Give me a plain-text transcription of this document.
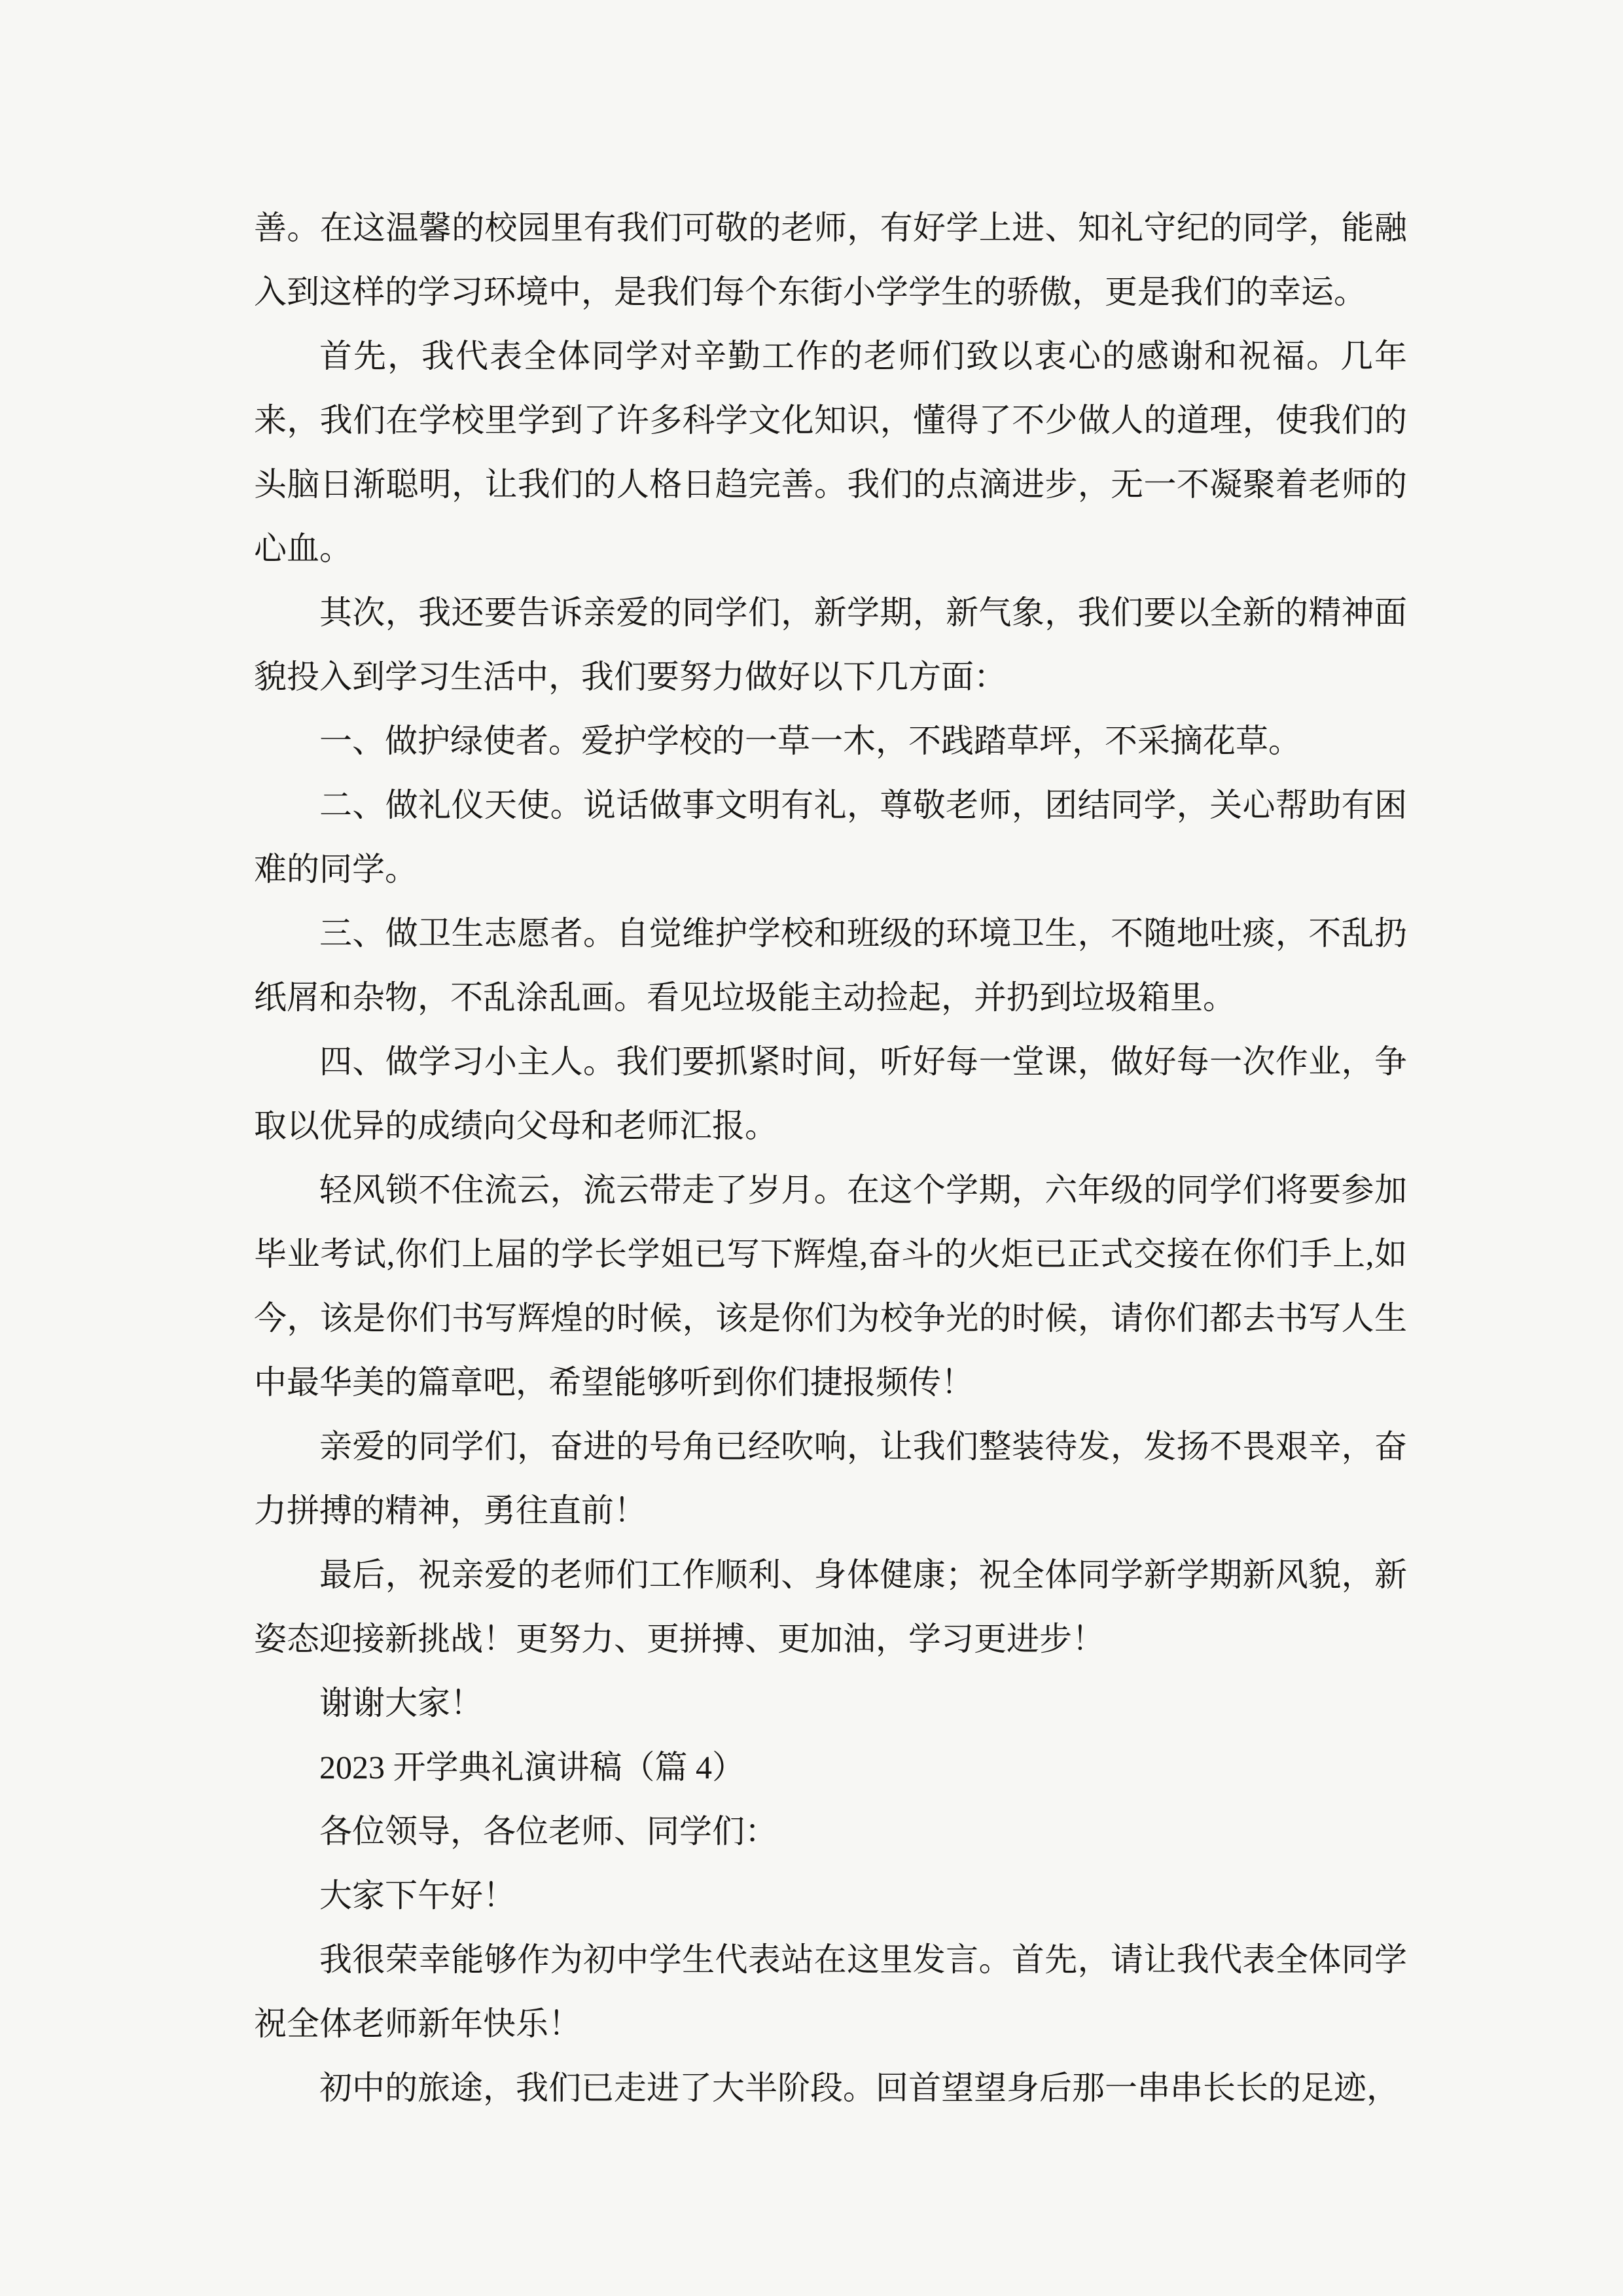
善。在这温馨的校园里有我们可敬的老师，有好学上进、知礼守纪的同学，能融入到这样的学习环境中，是我们每个东街小学学生的骄傲，更是我们的幸运。

首先，我代表全体同学对辛勤工作的老师们致以衷心的感谢和祝福。几年来，我们在学校里学到了许多科学文化知识，懂得了不少做人的道理，使我们的头脑日渐聪明，让我们的人格日趋完善。我们的点滴进步，无一不凝聚着老师的心血。

其次，我还要告诉亲爱的同学们，新学期，新气象，我们要以全新的精神面貌投入到学习生活中，我们要努力做好以下几方面：

一、做护绿使者。爱护学校的一草一木，不践踏草坪，不采摘花草。

二、做礼仪天使。说话做事文明有礼，尊敬老师，团结同学，关心帮助有困难的同学。

三、做卫生志愿者。自觉维护学校和班级的环境卫生，不随地吐痰，不乱扔纸屑和杂物，不乱涂乱画。看见垃圾能主动捡起，并扔到垃圾箱里。

四、做学习小主人。我们要抓紧时间，听好每一堂课，做好每一次作业，争取以优异的成绩向父母和老师汇报。

轻风锁不住流云，流云带走了岁月。在这个学期，六年级的同学们将要参加毕业考试,你们上届的学长学姐已写下辉煌,奋斗的火炬已正式交接在你们手上,如今，该是你们书写辉煌的时候，该是你们为校争光的时候，请你们都去书写人生中最华美的篇章吧，希望能够听到你们捷报频传！

亲爱的同学们，奋进的号角已经吹响，让我们整装待发，发扬不畏艰辛，奋力拼搏的精神，勇往直前！

最后，祝亲爱的老师们工作顺利、身体健康；祝全体同学新学期新风貌，新姿态迎接新挑战！更努力、更拼搏、更加油，学习更进步！

谢谢大家！

2023 开学典礼演讲稿（篇 4）

各位领导，各位老师、同学们：

大家下午好！

我很荣幸能够作为初中学生代表站在这里发言。首先，请让我代表全体同学祝全体老师新年快乐！

初中的旅途，我们已走进了大半阶段。回首望望身后那一串串长长的足迹，
